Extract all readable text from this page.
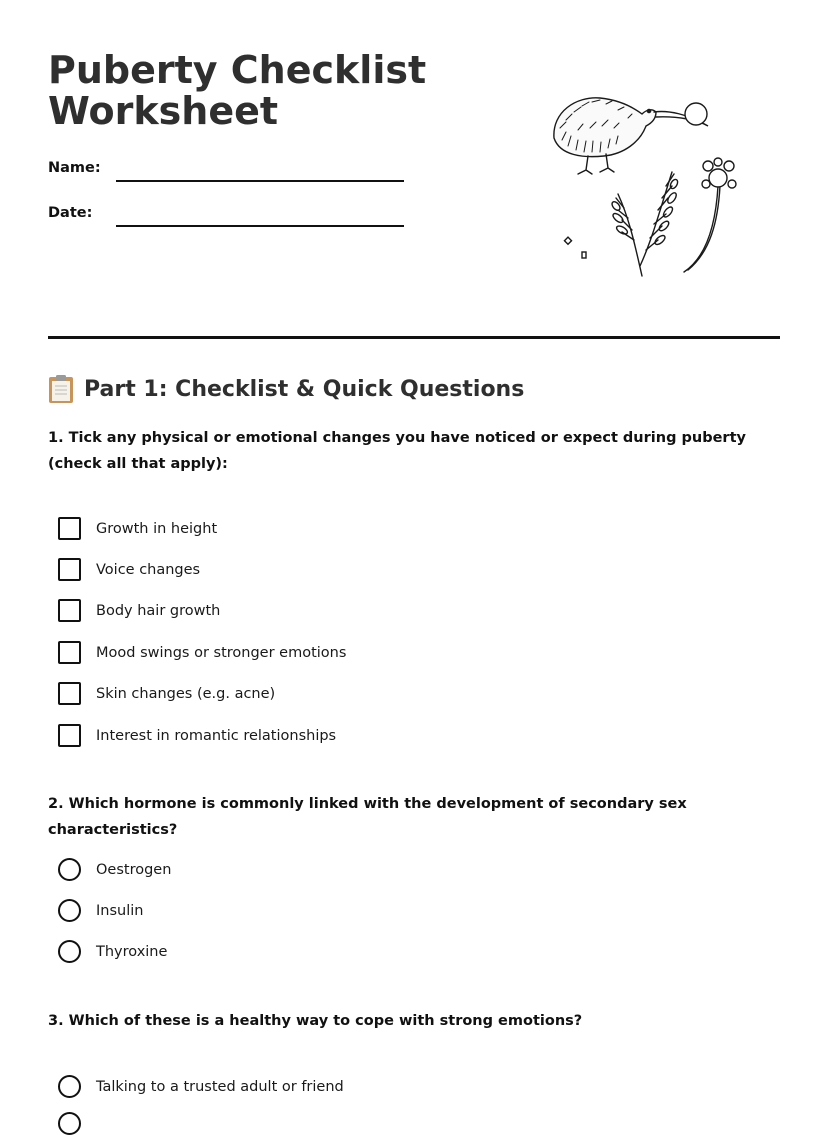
Puberty Checklist Worksheet
Name:
Date:
Part 1: Checklist & Quick Questions

1. Tick any physical or emotional changes you have noticed or expect during puberty (check all that apply):

Growth in height
Voice changes
Body hair growth
Mood swings or stronger emotions
Skin changes (e.g. acne)
Interest in romantic relationships

2. Which hormone is commonly linked with the development of secondary sex characteristics?

Oestrogen
Insulin
Thyroxine

3. Which of these is a healthy way to cope with strong emotions?

Talking to a trusted adult or friend
